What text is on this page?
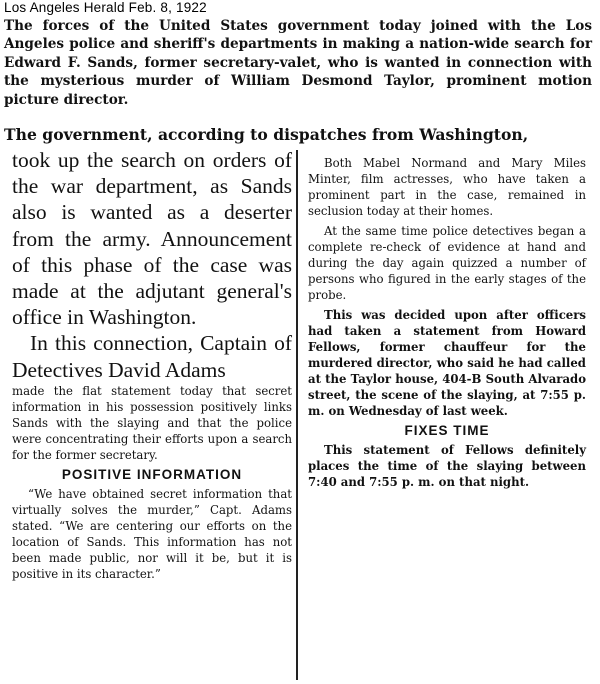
Los Angeles Herald Feb. 8, 1922

The forces of the United States government today joined with the Los Angeles police and sheriff's departments in making a nation-wide search for Edward F. Sands, former secretary-valet, who is wanted in connection with the mysterious murder of William Desmond Taylor, prominent motion picture director.

The government, according to dispatches from Washington,

took up the search on orders of the war department, as Sands also is wanted as a deserter from the army. Announcement of this phase of the case was made at the adjutant general's office in Washington.

In this connection, Captain of Detectives David Adams

made the flat statement today that secret information in his possession positively links Sands with the slaying and that the police were concentrating their efforts upon a search for the former secretary.

POSITIVE INFORMATION

“We have obtained secret information that virtually solves the murder,” Capt. Adams stated. “We are centering our efforts on the location of Sands. This information has not been made public, nor will it be, but it is positive in its character.”

Both Mabel Normand and Mary Miles Minter, film actresses, who have taken a prominent part in the case, remained in seclusion today at their homes.

At the same time police detectives began a complete re-check of evidence at hand and during the day again quizzed a number of persons who figured in the early stages of the probe.

This was decided upon after officers had taken a statement from Howard Fellows, former chauffeur for the murdered director, who said he had called at the Taylor house, 404-B South Alvarado street, the scene of the slaying, at 7:55 p. m. on Wednesday of last week.

FIXES TIME

This statement of Fellows definitely places the time of the slaying between 7:40 and 7:55 p. m. on that night.
